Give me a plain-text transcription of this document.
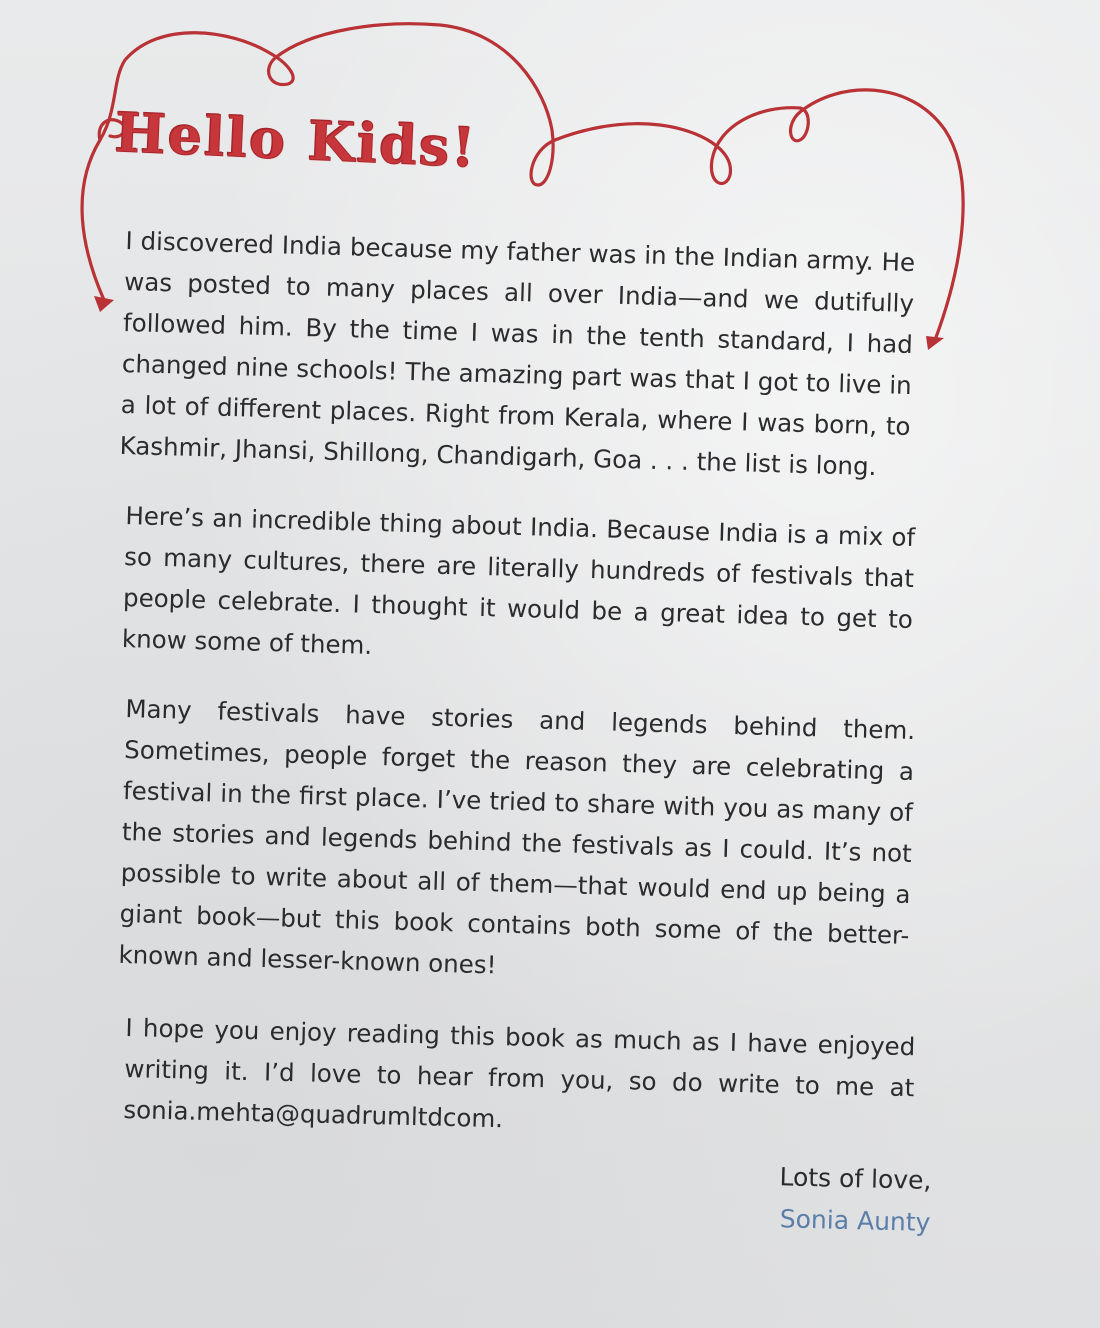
Hello Kids!

I discovered India because my father was in the Indian army. He was posted to many places all over India—and we dutifully followed him. By the time I was in the tenth standard, I had changed nine schools! The amazing part was that I got to live in a lot of different places. Right from Kerala, where I was born, to Kashmir, Jhansi, Shillong, Chandigarh, Goa . . . the list is long.

Here’s an incredible thing about India. Because India is a mix of so many cultures, there are literally hundreds of festivals that people celebrate. I thought it would be a great idea to get to know some of them.

Many festivals have stories and legends behind them. Sometimes, people forget the reason they are celebrating a festival in the first place. I’ve tried to share with you as many of the stories and legends behind the festivals as I could. It’s not possible to write about all of them—that would end up being a giant book—but this book contains both some of the better-known and lesser-known ones!

I hope you enjoy reading this book as much as I have enjoyed writing it. I’d love to hear from you, so do write to me at sonia.mehta@quadrumltdcom.

Lots of love,
Sonia Aunty
